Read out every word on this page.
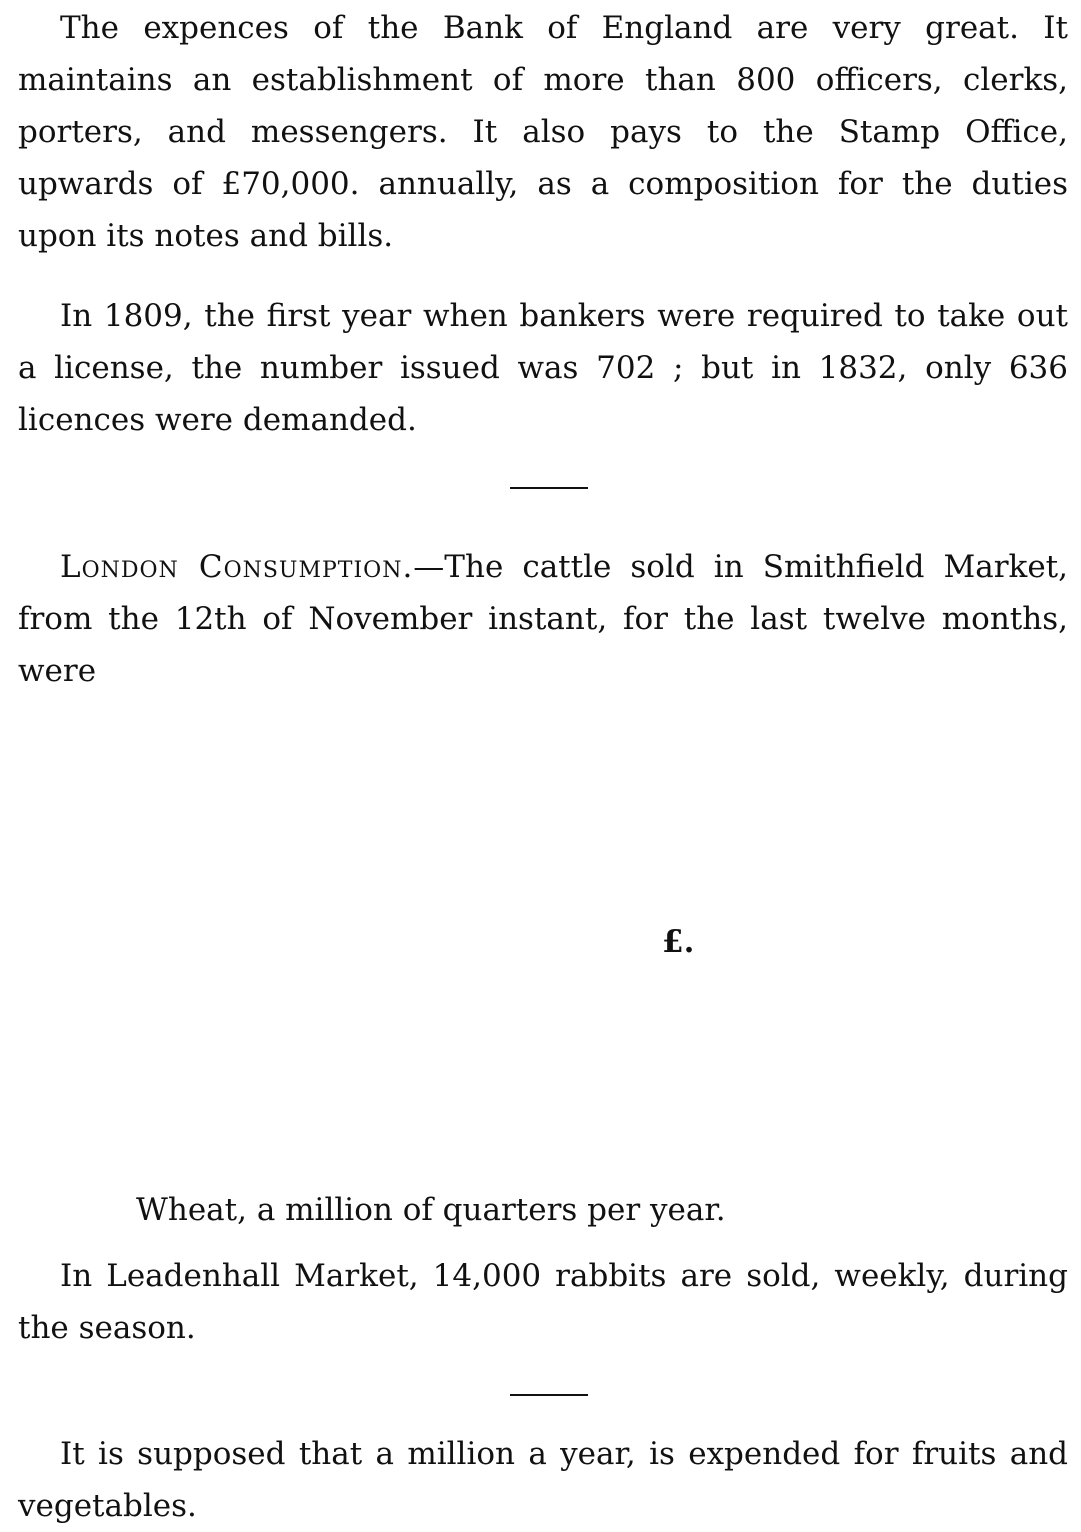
The expences of the Bank of England are very great. It maintains an establishment of more than 800 officers, clerks, porters, and messengers. It also pays to the Stamp Office, upwards of £70,000. annually, as a composition for the duties upon its notes and bills.

In 1809, the first year when bankers were required to take out a license, the number issued was 702 ; but in 1832, only 636 licences were demanded.

London Consumption.—The cattle sold in Smithfield Market, from the 12th of November instant, for the last twelve months, were

£.
Wheat, a million of quarters per year.

In Leadenhall Market, 14,000 rabbits are sold, weekly, during the season.

It is supposed that a million a year, is expended for fruits and vegetables.
